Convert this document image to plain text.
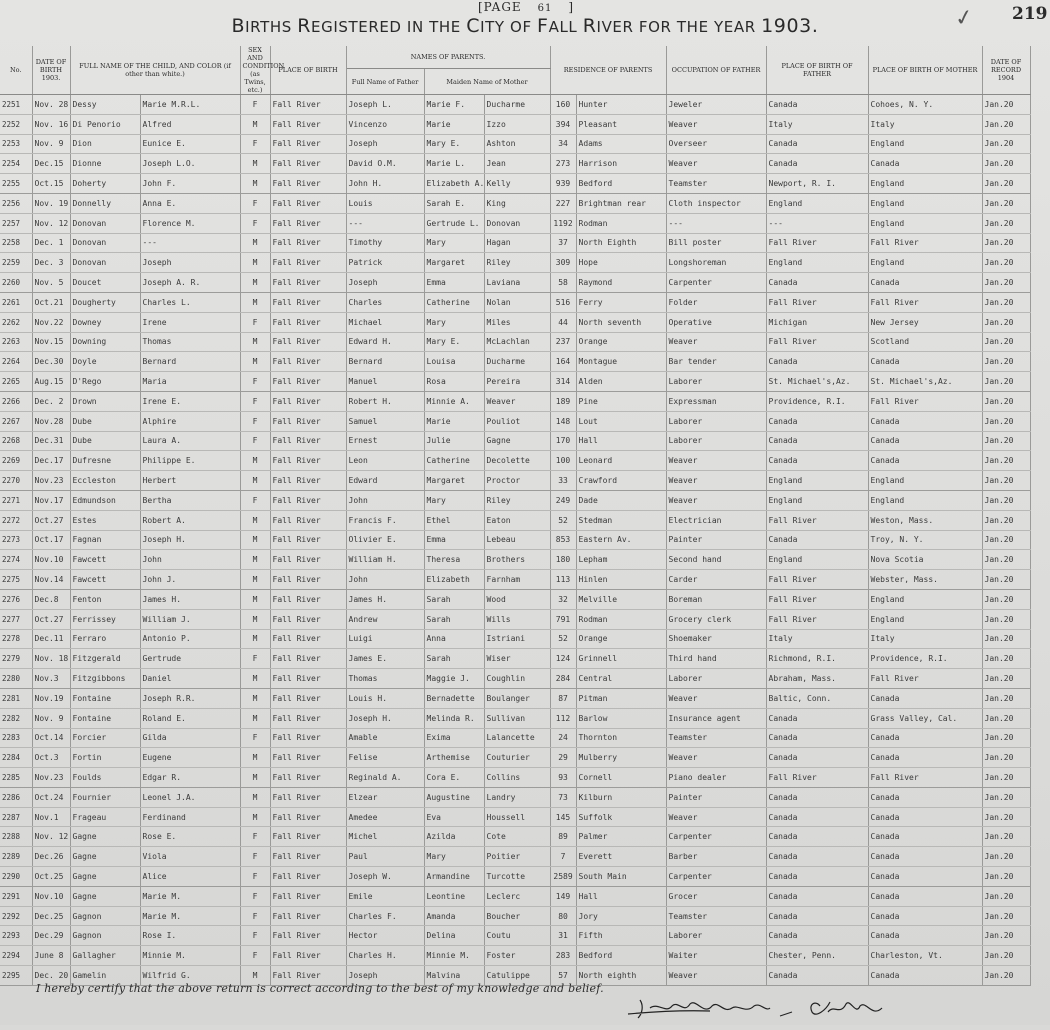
[PAGE 61 ]	✓ 219
BIRTHS REGISTERED IN THE CITY OF FALL RIVER FOR THE YEAR 1903.
No.	DATE OF BIRTH 1903.	FULL NAME OF THE CHILD, AND COLOR (if other than white.)		SEX AND CONDITION (as Twins, etc.)	PLACE OF BIRTH	NAMES OF PARENTS.			RESIDENCE OF PARENTS		OCCUPATION OF FATHER	PLACE OF BIRTH OF FATHER	PLACE OF BIRTH OF MOTHER	DATE OF RECORD 1904
						Full Name of Father	Maiden Name of Mother							
2251	Nov. 28	Dessy	Marie M.R.L.	F	Fall River	Joseph L.	Marie F.	Ducharme	160	Hunter	Jeweler	Canada	Cohoes, N. Y.	Jan.20
2252	Nov. 16	Di Penorio	Alfred	M	Fall River	Vincenzo	Marie	Izzo	394	Pleasant	Weaver	Italy	Italy	Jan.20
2253	Nov. 9	Dion	Eunice E.	F	Fall River	Joseph	Mary E.	Ashton	34	Adams	Overseer	Canada	England	Jan.20
2254	Dec.15	Dionne	Joseph L.O.	M	Fall River	David O.M.	Marie L.	Jean	273	Harrison	Weaver	Canada	Canada	Jan.20
2255	Oct.15	Doherty	John F.	M	Fall River	John H.	Elizabeth A.	Kelly	939	Bedford	Teamster	Newport, R. I.	England	Jan.20
2256	Nov. 19	Donnelly	Anna E.	F	Fall River	Louis	Sarah E.	King	227	Brightman rear	Cloth inspector	England	England	Jan.20
2257	Nov. 12	Donovan	Florence M.	F	Fall River	---	Gertrude L.	Donovan	1192	Rodman	---	---	England	Jan.20
2258	Dec. 1	Donovan	---	M	Fall River	Timothy	Mary	Hagan	37	North Eighth	Bill poster	Fall River	Fall River	Jan.20
2259	Dec. 3	Donovan	Joseph	M	Fall River	Patrick	Margaret	Riley	309	Hope	Longshoreman	England	England	Jan.20
2260	Nov. 5	Doucet	Joseph A. R.	M	Fall River	Joseph	Emma	Laviana	58	Raymond	Carpenter	Canada	Canada	Jan.20
2261	Oct.21	Dougherty	Charles L.	M	Fall River	Charles	Catherine	Nolan	516	Ferry	Folder	Fall River	Fall River	Jan.20
2262	Nov.22	Downey	Irene	F	Fall River	Michael	Mary	Miles	44	North seventh	Operative	Michigan	New Jersey	Jan.20
2263	Nov.15	Downing	Thomas	M	Fall River	Edward H.	Mary E.	McLachlan	237	Orange	Weaver	Fall River	Scotland	Jan.20
2264	Dec.30	Doyle	Bernard	M	Fall River	Bernard	Louisa	Ducharme	164	Montague	Bar tender	Canada	Canada	Jan.20
2265	Aug.15	D'Rego	Maria	F	Fall River	Manuel	Rosa	Pereira	314	Alden	Laborer	St. Michael's,Az.	St. Michael's,Az.	Jan.20
2266	Dec. 2	Drown	Irene E.	F	Fall River	Robert H.	Minnie A.	Weaver	189	Pine	Expressman	Providence, R.I.	Fall River	Jan.20
2267	Nov.28	Dube	Alphire	F	Fall River	Samuel	Marie	Pouliot	148	Lout	Laborer	Canada	Canada	Jan.20
2268	Dec.31	Dube	Laura A.	F	Fall River	Ernest	Julie	Gagne	170	Hall	Laborer	Canada	Canada	Jan.20
2269	Dec.17	Dufresne	Philippe E.	M	Fall River	Leon	Catherine	Decolette	100	Leonard	Weaver	Canada	Canada	Jan.20
2270	Nov.23	Eccleston	Herbert	M	Fall River	Edward	Margaret	Proctor	33	Crawford	Weaver	England	England	Jan.20
2271	Nov.17	Edmundson	Bertha	F	Fall River	John	Mary	Riley	249	Dade	Weaver	England	England	Jan.20
2272	Oct.27	Estes	Robert A.	M	Fall River	Francis F.	Ethel	Eaton	52	Stedman	Electrician	Fall River	Weston, Mass.	Jan.20
2273	Oct.17	Fagnan	Joseph H.	M	Fall River	Olivier E.	Emma	Lebeau	853	Eastern Av.	Painter	Canada	Troy, N. Y.	Jan.20
2274	Nov.10	Fawcett	John	M	Fall River	William H.	Theresa	Brothers	180	Lepham	Second hand	England	Nova Scotia	Jan.20
2275	Nov.14	Fawcett	John J.	M	Fall River	John	Elizabeth	Farnham	113	Hinlen	Carder	Fall River	Webster, Mass.	Jan.20
2276	Dec.8	Fenton	James H.	M	Fall River	James H.	Sarah	Wood	32	Melville	Boreman	Fall River	England	Jan.20
2277	Oct.27	Ferrissey	William J.	M	Fall River	Andrew	Sarah	Wills	791	Rodman	Grocery clerk	Fall River	England	Jan.20
2278	Dec.11	Ferraro	Antonio P.	M	Fall River	Luigi	Anna	Istriani	52	Orange	Shoemaker	Italy	Italy	Jan.20
2279	Nov. 18	Fitzgerald	Gertrude	F	Fall River	James E.	Sarah	Wiser	124	Grinnell	Third hand	Richmond, R.I.	Providence, R.I.	Jan.20
2280	Nov.3	Fitzgibbons	Daniel	M	Fall River	Thomas	Maggie J.	Coughlin	284	Central	Laborer	Abraham, Mass.	Fall River	Jan.20
2281	Nov.19	Fontaine	Joseph R.R.	M	Fall River	Louis H.	Bernadette	Boulanger	87	Pitman	Weaver	Baltic, Conn.	Canada	Jan.20
2282	Nov. 9	Fontaine	Roland E.	M	Fall River	Joseph H.	Melinda R.	Sullivan	112	Barlow	Insurance agent	Canada	Grass Valley, Cal.	Jan.20
2283	Oct.14	Forcier	Gilda	F	Fall River	Amable	Exima	Lalancette	24	Thornton	Teamster	Canada	Canada	Jan.20
2284	Oct.3	Fortin	Eugene	M	Fall River	Felise	Arthemise	Couturier	29	Mulberry	Weaver	Canada	Canada	Jan.20
2285	Nov.23	Foulds	Edgar R.	M	Fall River	Reginald A.	Cora E.	Collins	93	Cornell	Piano dealer	Fall River	Fall River	Jan.20
2286	Oct.24	Fournier	Leonel J.A.	M	Fall River	Elzear	Augustine	Landry	73	Kilburn	Painter	Canada	Canada	Jan.20
2287	Nov.1	Frageau	Ferdinand	M	Fall River	Amedee	Eva	Houssell	145	Suffolk	Weaver	Canada	Canada	Jan.20
2288	Nov. 12	Gagne	Rose E.	F	Fall River	Michel	Azilda	Cote	89	Palmer	Carpenter	Canada	Canada	Jan.20
2289	Dec.26	Gagne	Viola	F	Fall River	Paul	Mary	Poitier	7	Everett	Barber	Canada	Canada	Jan.20
2290	Oct.25	Gagne	Alice	F	Fall River	Joseph W.	Armandine	Turcotte	2589	South Main	Carpenter	Canada	Canada	Jan.20
2291	Nov.10	Gagne	Marie M.	F	Fall River	Emile	Leontine	Leclerc	149	Hall	Grocer	Canada	Canada	Jan.20
2292	Dec.25	Gagnon	Marie M.	F	Fall River	Charles F.	Amanda	Boucher	80	Jory	Teamster	Canada	Canada	Jan.20
2293	Dec.29	Gagnon	Rose I.	F	Fall River	Hector	Delina	Coutu	31	Fifth	Laborer	Canada	Canada	Jan.20
2294	June 8	Gallagher	Minnie M.	F	Fall River	Charles H.	Minnie M.	Foster	283	Bedford	Waiter	Chester, Penn.	Charleston, Vt.	Jan.20
2295	Dec. 20	Gamelin	Wilfrid G.	M	Fall River	Joseph	Malvina	Catulippe	57	North eighth	Weaver	Canada	Canada	Jan.20
I hereby certify that the above return is correct according to the best of my knowledge and belief.
